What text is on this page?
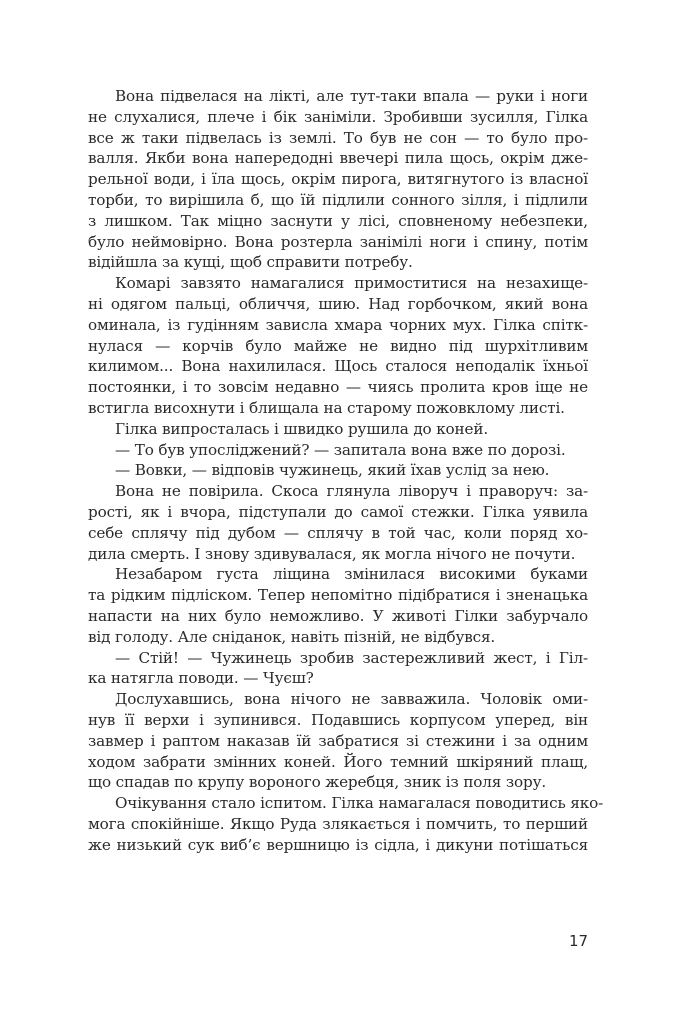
Вона підвелася на лікті, але тут-таки впала — руки і ноги
не слухалися, плече і бік заніміли. Зробивши зусилля, Гілка
все ж таки підвелась із землі. То був не сон — то було про-
валля. Якби вона напередодні ввечері пила щось, окрім дже-
рельної води, і їла щось, окрім пирога, витягнутого із власної
торби, то вирішила б, що їй підлили сонного зілля, і підлили
з лишком. Так міцно заснути у лісі, сповненому небезпеки,
було неймовірно. Вона розтерла занімілі ноги і спину, потім
відійшла за кущі, щоб справити потребу.
Комарі завзято намагалися примоститися на незахище-
ні одягом пальці, обличчя, шию. Над горбочком, який вона
оминала, із гудінням зависла хмара чорних мух. Гілка спітк-
нулася — корчів було майже не видно під шурхітливим
килимом... Вона нахилилася. Щось сталося неподалік їхньої
постоянки, і то зовсім недавно — чиясь пролита кров іще не
встигла висохнути і блищала на старому пожовклому листі.
Гілка випросталась і швидко рушила до коней.
— То був упосліджений? — запитала вона вже по дорозі.
— Вовки, — відповів чужинець, який їхав услід за нею.
Вона не повірила. Скоса глянула ліворуч і праворуч: за-
рості, як і вчора, підступали до самої стежки. Гілка уявила
себе сплячу під дубом — сплячу в той час, коли поряд хо-
дила смерть. І знову здивувалася, як могла нічого не почути.
Незабаром густа ліщина змінилася високими буками
та рідким підліском. Тепер непомітно підібратися і зненацька
напасти на них було неможливо. У животі Гілки забурчало
від голоду. Але сніданок, навіть пізній, не відбувся.
— Стій! — Чужинець зробив застережливий жест, і Гіл-
ка натягла поводи. — Чуєш?
Дослухавшись, вона нічого не завважила. Чоловік оми-
нув її верхи і зупинився. Подавшись корпусом уперед, він
завмер і раптом наказав їй забратися зі стежини і за одним
ходом забрати змінних коней. Його темний шкіряний плащ,
що спадав по крупу вороного жеребця, зник із поля зору.
Очікування стало іспитом. Гілка намагалася поводитись яко-
мога спокійніше. Якщо Руда злякається і помчить, то перший
же низький сук виб’є вершницю із сідла, і дикуни потішаться
17
